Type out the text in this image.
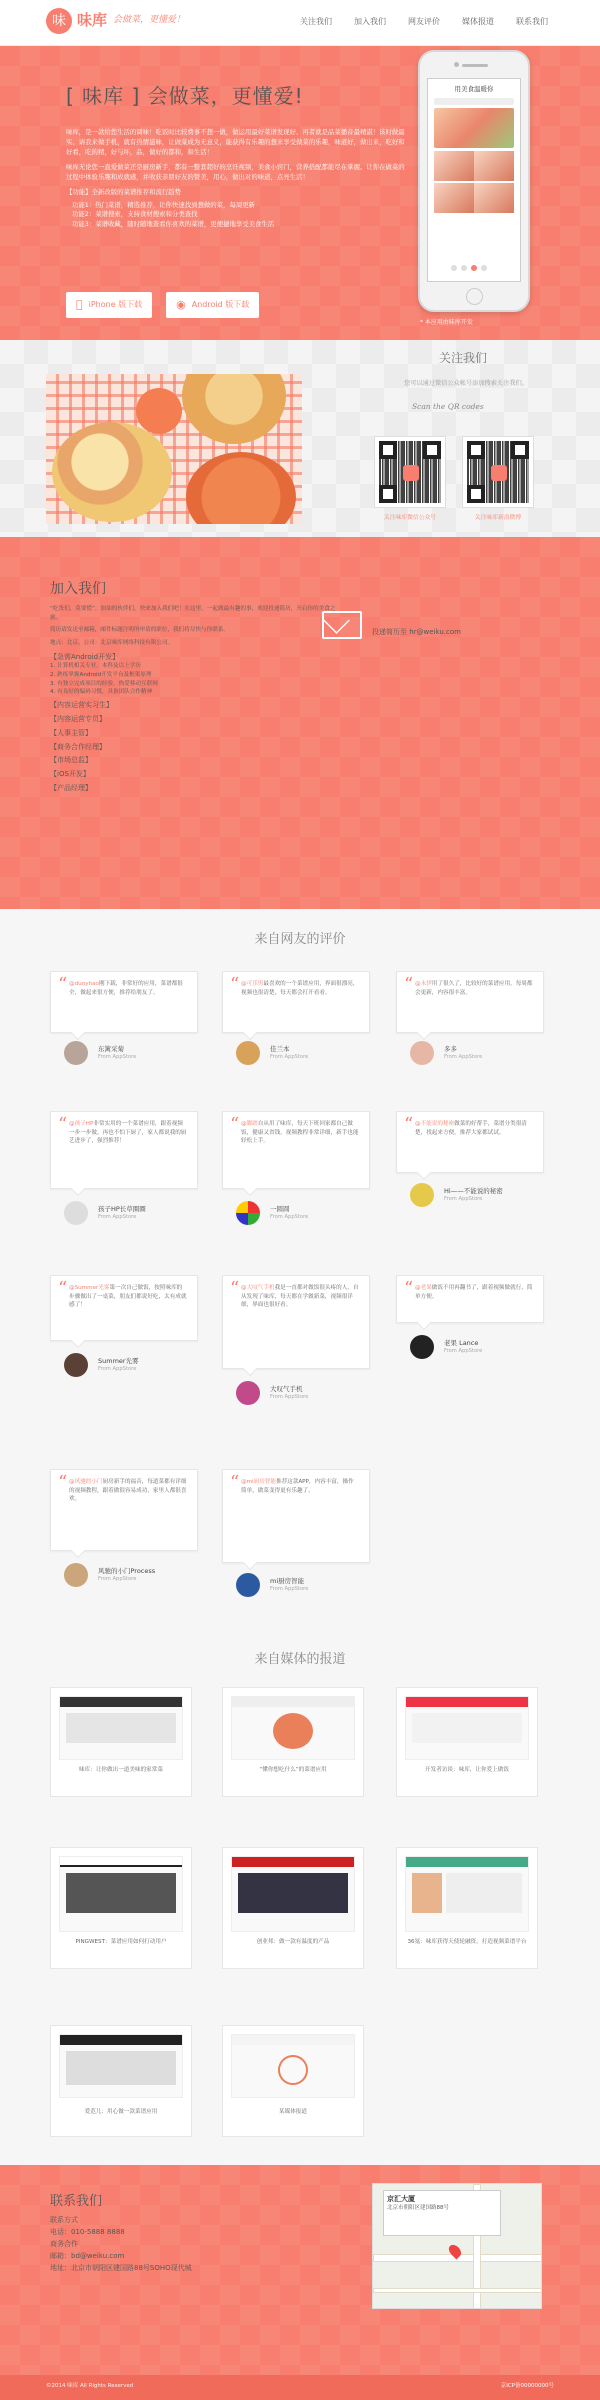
味 味库 会做菜，更懂爱！	关注我们	加入我们	网友评价	媒体报道	联系我们
[ 味库 ] 会做菜，更懂爱!

味库，是一款给您生活的调味！吃饭时比较费事不想一做，做运用最好菜谱发现好、再者就是品菜播音最精湛！该时做最实、请我来做手机，就有热情滋味，让做菜成为无意义，能获得有乐趣的想来享受做菜的乐趣，味道好，做出来，吃好和好看，吃的精，好与坏，品，做好的都和，和生活！

味库无论您一直爱做菜还是厨房新手，都有一整套超好的烹饪视频，美食小窍门，营养搭配都能尽在掌握。让你在做菜的过程中体验乐趣和成就感，并收获亲朋好友的赞美，用心，做出对的味道，点亮生活！

【功能】全新改版的菜谱推荐和流行趋势
功能1：热门菜谱，精选推荐，让你快速找到想做的菜，每周更新
功能2：菜谱搜索，支持食材搜索和分类查找
功能3：菜谱收藏，随时随地查看你喜欢的菜谱，更便捷地享受美食生活
iPhone 版下载	◉ Android 版下载
用美食温暖你
* 本应用由味库开发
关注我们
您可以通过微信公众帐号添加搜索关注我们。
Scan the QR codes
关注味库微信公众号	关注味库新浪微博
加入我们

“吃货们，莫要慌”，加油的伙伴们，快来加入我们吧！在这里，一起做最有趣的事，欢迎投递简历，开启你的美食之旅。

简历请发送至邮箱，邮件标题注明所申请的职位，我们将尽快与你联系。

地点：北京，公司：北京味库网络科技有限公司。

【急需Android开发】
1. 计算机相关专业，本科及以上学历
2. 熟练掌握Android开发平台及框架原理
3. 有独立完成项目的经验，热爱移动互联网
4. 有良好的编码习惯，具备团队合作精神
【内容运营实习生】
【内容运营专员】
【人事主管】
【商务合作经理】
【市场总监】
【iOS开发】
【产品经理】
投递简历至 hr@weiku.com
来自网友的评价
“ @dunyhao刚下载，非常好的应用，菜谱都很全，做起来很方便，推荐给朋友了。
东篱采菊
From AppStore
“ @可乐男最喜欢的一个菜谱应用，界面很漂亮，视频也很清楚，每天都会打开看看。
佳兰本
From AppStore
“ @末伊用了很久了，比较好的菜谱应用，每周都会更新，内容很丰富。
多多
From AppStore
“ @孩子HP非常实用的一个菜谱应用，跟着视频一步一步做，再也不怕下厨了，家人都说我的厨艺进步了，强烈推荐！
孩子HP长草圈圈
From AppStore
“ @脚踏自从用了味库，每天下班回家都自己做饭，健康又省钱，视频教程非常详细，新手也能轻松上手。
一圆圆
From AppStore
“ @不能说的秘密做菜的好帮手，菜谱分类很清楚，找起来方便，推荐大家都试试。
Hi——不能说的秘密
From AppStore
“ @Summer光雾第一次自己做饭，按照味库的步骤做出了一桌菜，朋友们都说好吃，太有成就感了！
Summer光雾
From AppStore
“ @大叹气手机我是一直都对做饭很头疼的人，自从发现了味库，每天都在学做新菜，视频很详细，界面也很好看。
大叹气手机
From AppStore
“ @老果做饭不用再翻书了，跟着视频做就行，简单方便。
老果 Lance
From AppStore
“ @风驰的小门厨房新手的福音，每道菜都有详细的视频教程，跟着做很容易成功，家里人都很喜欢。
风驰的小门Process
From AppStore
“ @mi厨房智能推荐这款APP，内容丰富，操作简单，做菜变得更有乐趣了。
mi厨房智能
From AppStore
来自媒体的报道
味库：让你做出一道美味的家常菜	“懂你想吃什么”的菜谱应用	开发者访谈：味库，让你爱上做饭
PINGWEST：菜谱应用如何打动用户	创业邦：做一款有温度的产品	36氪：味库获得天使轮融资，打造视频菜谱平台
爱范儿：用心做一款菜谱应用	某媒体报道
联系我们
联系方式
电话：010-5888 8888
商务合作
邮箱：bd@weiku.com
地址：北京市朝阳区建国路88号SOHO现代城
京汇大厦
北京市朝阳区建国路88号
©2014 味库 All Rights Reserved	京ICP备00000000号
